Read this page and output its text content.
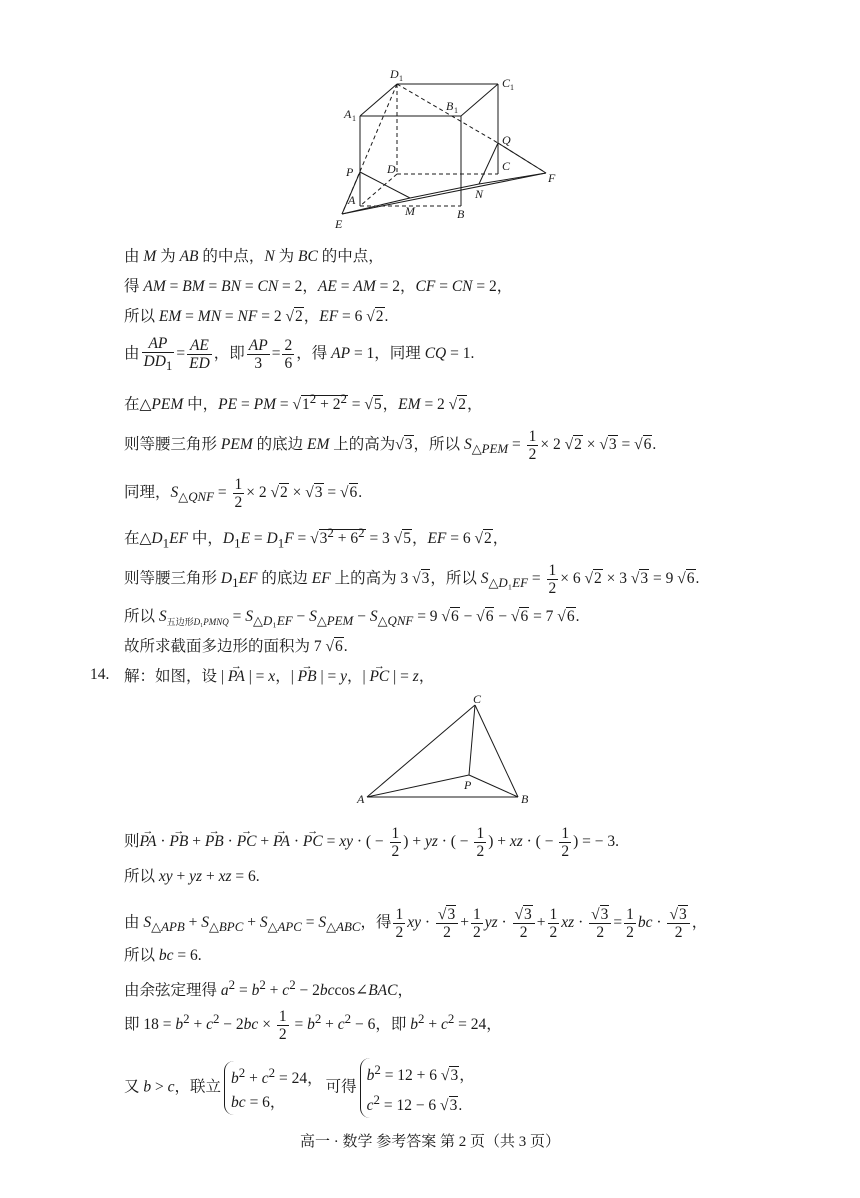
D 1	C 1
A 1
B 1
Q
P	D	C
F
A	N
M	B
E
由 M 为 AB 的中点，N 为 BC 的中点，
得 AM = BM = BN = CN = 2，AE = AM = 2，CF = CN = 2，
所以 EM = MN = NF = 2 √2，EF = 6 √2.
由 $\frac{AP}{DD_1} = \frac{AE}{ED}$ ，即 $\frac{AP}{3} = \frac{2}{6}$ ，得 AP = 1，同理 CQ = 1.
在△PEM 中，PE = PM = $√1^2 + 2^2 = √5$，EM = 2 √2，
则等腰三角形 PEM 的底边 EM 上的高为√3，所以 $S_{\triangle PEM} = \frac{1}{2} \times 2$ √2 × √3 = √6.
同理，$S_{\triangle QNF} = \frac{1}{2} \times 2$ √2 × √3 = √6.
在$\triangle D_1EF$ 中，$D_1E = D_1F = √3^2 + 6^2 = 3$ √5，EF = 6 √2，
则等腰三角形 $D_1EF$ 的底边 EF 上的高为 3 √3，所以 $S_{\triangle D_1EF} = \frac{1}{2} \times 6$ √2 × 3 √3 = 9 √6.
所以 $S_{五边形D_1PMNQ} = S_{\triangle D_1EF} - S_{\triangle PEM} - S_{\triangle QNF} = 9$ √6 − √6 − √6 = 7 √6.
故所求截面多边形的面积为 7 √6.
14. 解：如图，设 | → PA | = x，| → PB | = y，| → PC | = z，
C
P
A	B
则→ PA · → PB + → PB · → PC + → PA · → PC = xy · ( − $\frac{1}{2}$ ) + yz · ( − $\frac{1}{2}$ ) + xz · ( − $\frac{1}{2}$ ) = − 3.
所以 xy + yz + xz = 6.
由 $S_{\triangle APB} + S_{\triangle BPC} + S_{\triangle APC} = S_{\triangle ABC}$，得 $\frac{1}{2}$ xy · $\frac{√3}{2} + \frac{1}{2}$ yz · $\frac{√3}{2} + \frac{1}{2}$ xz · $\frac{√3}{2} = \frac{1}{2}$ bc · $\frac{√3}{2}$ ，
所以 bc = 6.
由余弦定理得 $a^2 = b^2 + c^2$ − 2bccos∠BAC，
即 $18 = b^2 + c^2 - 2bc \times \frac{1}{2} = b^2 + c^2 - 6$，即 $b^2 + c^2 = 24$，
又 b > c，联立 $b^2 + c^2 = 24$，
bc = 6，
可得
$b^2 = 12 + 6$ √3，
$c^2 = 12 - 6$ √3.
高一 · 数学 参考答案 第 2 页（共 3 页）
